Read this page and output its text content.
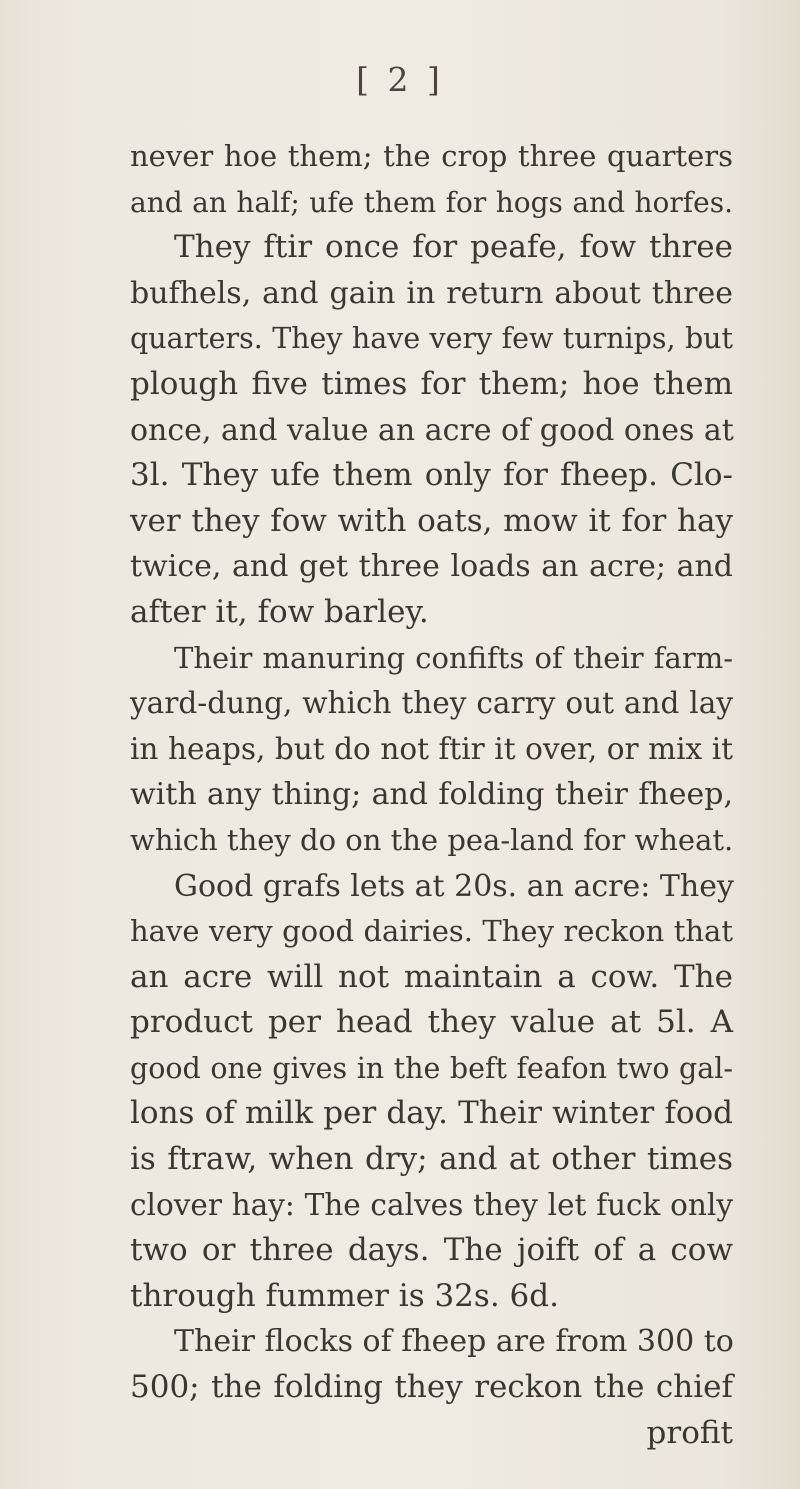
[ 2 ]
never hoe them; the crop three quarters
and an half; ufe them for hogs and horfes.
They ftir once for peafe, fow three
bufhels, and gain in return about three
quarters. They have very few turnips, but
plough five times for them; hoe them
once, and value an acre of good ones at
3l. They ufe them only for fheep. Clo-
ver they fow with oats, mow it for hay
twice, and get three loads an acre; and
after it, fow barley.
Their manuring confifts of their farm-
yard-dung, which they carry out and lay
in heaps, but do not ftir it over, or mix it
with any thing; and folding their fheep,
which they do on the pea-land for wheat.
Good grafs lets at 20s. an acre: They
have very good dairies. They reckon that
an acre will not maintain a cow. The
product per head they value at 5l. A
good one gives in the beft feafon two gal-
lons of milk per day. Their winter food
is ftraw, when dry; and at other times
clover hay: The calves they let fuck only
two or three days. The joift of a cow
through fummer is 32s. 6d.
Their flocks of fheep are from 300 to
500; the folding they reckon the chief
profit
